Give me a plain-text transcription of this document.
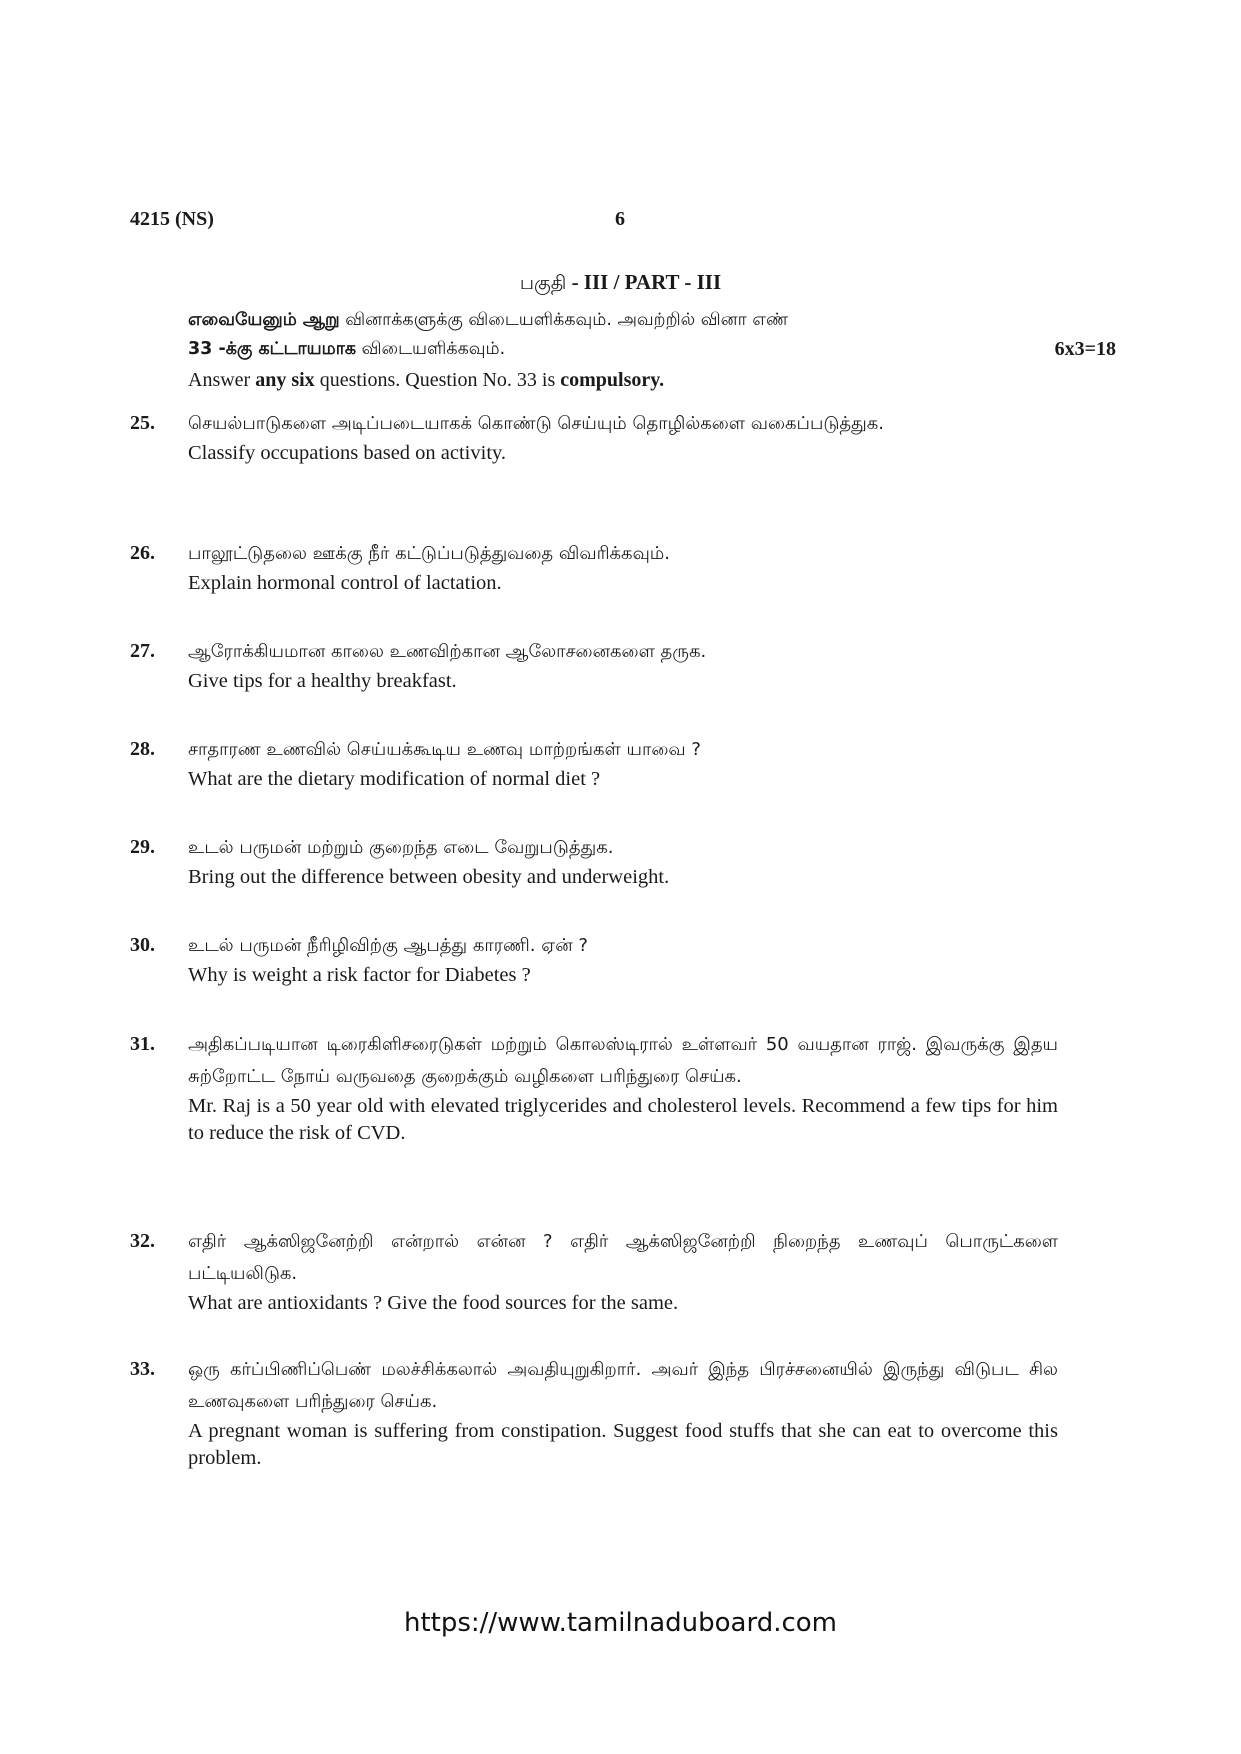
4215 (NS)	6
பகுதி - III / PART - III
எவையேனும் ஆறு வினாக்களுக்கு விடையளிக்கவும். அவற்றில் வினா எண்
33 -க்கு கட்டாயமாக விடையளிக்கவும்.	6x3=18
Answer any six questions. Question No. 33 is compulsory.
25. செயல்பாடுகளை அடிப்படையாகக் கொண்டு செய்யும் தொழில்களை வகைப்படுத்துக.
Classify occupations based on activity.
26. பாலூட்டுதலை ஊக்கு நீர் கட்டுப்படுத்துவதை விவரிக்கவும்.
Explain hormonal control of lactation.
27. ஆரோக்கியமான காலை உணவிற்கான ஆலோசனைகளை தருக.
Give tips for a healthy breakfast.
28. சாதாரண உணவில் செய்யக்கூடிய உணவு மாற்றங்கள் யாவை ?
What are the dietary modification of normal diet ?
29. உடல் பருமன் மற்றும் குறைந்த எடை வேறுபடுத்துக.
Bring out the difference between obesity and underweight.
30. உடல் பருமன் நீரிழிவிற்கு ஆபத்து காரணி. ஏன் ?
Why is weight a risk factor for Diabetes ?
31. அதிகப்படியான டிரைகிளிசரைடுகள் மற்றும் கொலஸ்டிரால் உள்ளவர் 50 வயதான ராஜ். இவருக்கு இதய சுற்றோட்ட நோய் வருவதை குறைக்கும் வழிகளை பரிந்துரை செய்க.
Mr. Raj is a 50 year old with elevated triglycerides and cholesterol levels. Recommend a few tips for him to reduce the risk of CVD.
32. எதிர் ஆக்ஸிஜனேற்றி என்றால் என்ன ? எதிர் ஆக்ஸிஜனேற்றி நிறைந்த உணவுப் பொருட்களை பட்டியலிடுக.
What are antioxidants ? Give the food sources for the same.
33. ஒரு கர்ப்பிணிப்பெண் மலச்சிக்கலால் அவதியுறுகிறார். அவர் இந்த பிரச்சனையில் இருந்து விடுபட சில உணவுகளை பரிந்துரை செய்க.
A pregnant woman is suffering from constipation. Suggest food stuffs that she can eat to overcome this problem.
https://www.tamilnaduboard.com
